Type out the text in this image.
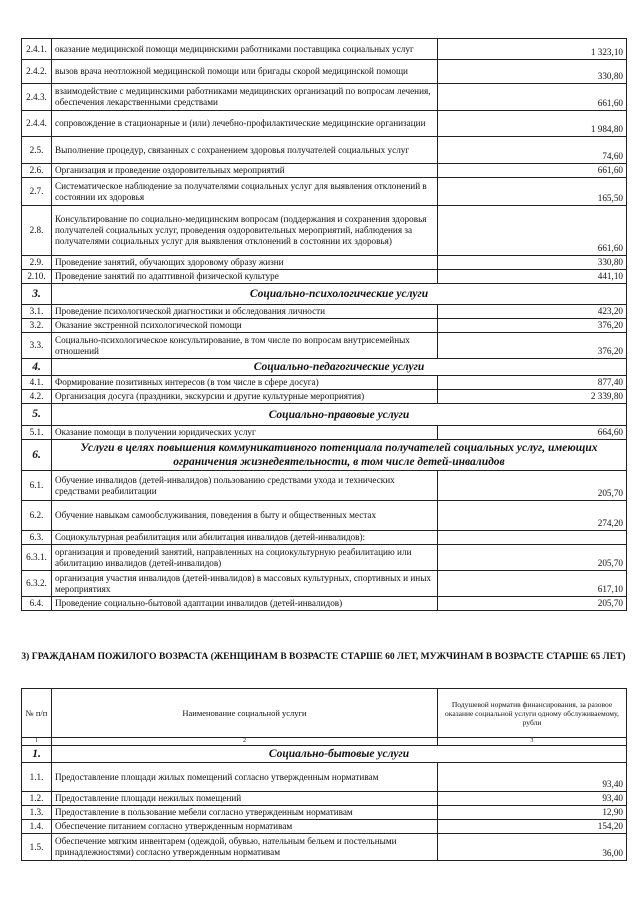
2.4.1.	оказание медицинской помощи медицинскими работниками поставщика социальных услуг	1 323,10
2.4.2.	вызов врача неотложной медицинской помощи или бригады скорой медицинской помощи	330,80
2.4.3.	взаимодействие с медицинскими работниками медицинских организаций по вопросам лечения, обеспечения лекарственными средствами	661,60
2.4.4.	сопровождение в стационарные и (или) лечебно-профилактические медицинские организации	1 984,80
2.5.	Выполнение процедур, связанных с сохранением здоровья получателей социальных услуг	74,60
2.6.	Организация и проведение оздоровительных мероприятий	661,60
2.7.	Систематическое наблюдение за получателями социальных услуг для выявления отклонений в состоянии их здоровья	165,50
2.8.	Консультирование по социально-медицинским вопросам (поддержания и сохранения здоровья получателей социальных услуг, проведения оздоровительных мероприятий, наблюдения за получателями социальных услуг для выявления отклонений в состоянии их здоровья)	661,60
2.9.	Проведение занятий, обучающих здоровому образу жизни	330,80
2.10.	Проведение занятий по адаптивной физической культуре	441,10
3.	Социально-психологические услуги	
3.1.	Проведение психологической диагностики и обследования личности	423,20
3.2.	Оказание экстренной психологической помощи	376,20
3.3.	Социально-психологическое консультирование, в том числе по вопросам внутрисемейных отношений	376,20
4.	Социально-педагогические услуги	
4.1.	Формирование позитивных интересов (в том числе в сфере досуга)	877,40
4.2.	Организация досуга (праздники, экскурсии и другие культурные мероприятия)	2 339,80
5.	Социально-правовые услуги	
5.1.	Оказание помощи в получении юридических услуг	664,60
6.	Услуги в целях повышения коммуникативного потенциала получателей социальных услуг, имеющих ограничения жизнедеятельности, в том числе детей-инвалидов	
6.1.	Обучение инвалидов (детей-инвалидов) пользованию средствами ухода и технических средствами реабилитации	205,70
6.2.	Обучение навыкам самообслуживания, поведения в быту и общественных местах	274,20
6.3.	Социокультурная реабилитация или абилитация инвалидов (детей-инвалидов):	
6.3.1.	организация и проведений занятий, направленных на социокультурную реабилитацию или абилитацию инвалидов (детей-инвалидов)	205,70
6.3.2.	организация участия инвалидов (детей-инвалидов) в массовых культурных, спортивных и иных мероприятиях	617,10
6.4.	Проведение социально-бытовой адаптации инвалидов (детей-инвалидов)	205,70
3) ГРАЖДАНАМ ПОЖИЛОГО ВОЗРАСТА (ЖЕНЩИНАМ В ВОЗРАСТЕ СТАРШЕ 60 ЛЕТ, МУЖЧИНАМ В ВОЗРАСТЕ СТАРШЕ 65 ЛЕТ)
№ п/п	Наименование социальной услуги	Подушевой норматив финансирования, за разовое оказание социальной услуги одному обслуживаемому, рубли
1	2	3
1.	Социально-бытовые услуги	
1.1.	Предоставление площади жилых помещений согласно утвержденным нормативам	93,40
1.2.	Предоставление площади нежилых помещений	93,40
1.3.	Предоставление в пользование мебели согласно утвержденным нормативам	12,90
1.4.	Обеспечение питанием согласно утвержденным нормативам	154,20
1.5.	Обеспечение мягким инвентарем (одеждой, обувью, нательным бельем и постельными принадлежностями) согласно утвержденным нормативам	36,00
